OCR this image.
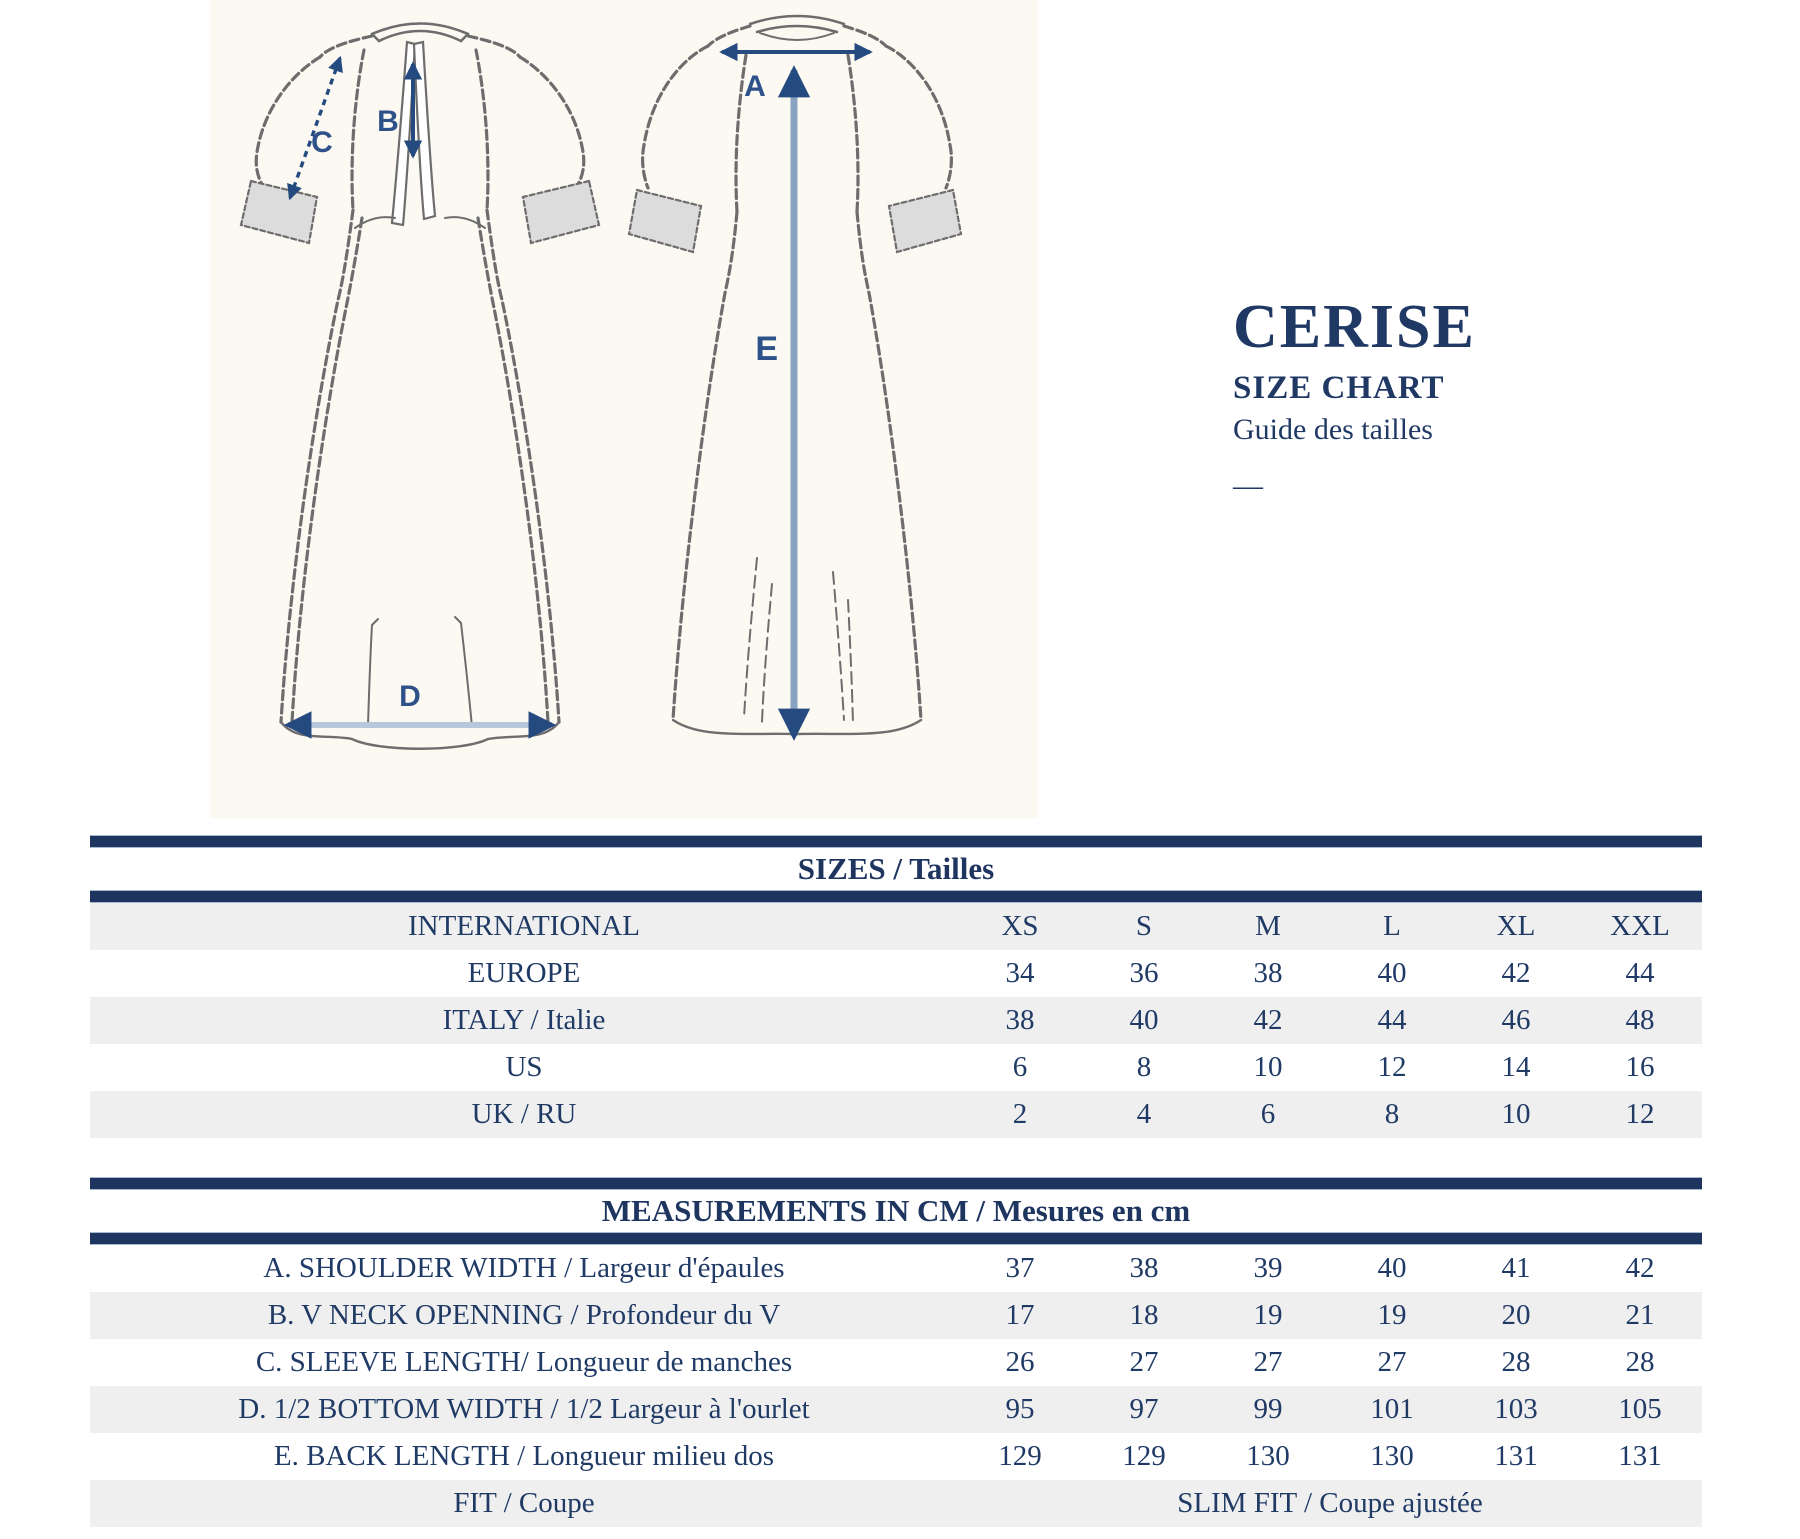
B
C
D
A
E	CERISE
SIZE CHART
Guide des tailles
—
SIZES / Tailles
INTERNATIONAL	XS	S	M	L	XL	XXL
EUROPE	34	36	38	40	42	44
ITALY / Italie	38	40	42	44	46	48
US	6	8	10	12	14	16
UK / RU	2	4	6	8	10	12
MEASUREMENTS IN CM / Mesures en cm
A. SHOULDER WIDTH / Largeur d'épaules	37	38	39	40	41	42
B. V NECK OPENNING / Profondeur du V	17	18	19	19	20	21
C. SLEEVE LENGTH/ Longueur de manches	26	27	27	27	28	28
D. 1/2 BOTTOM WIDTH / 1/2 Largeur à l'ourlet	95	97	99	101	103	105
E. BACK LENGTH / Longueur milieu dos	129	129	130	130	131	131
FIT / Coupe	SLIM FIT / Coupe ajustée
